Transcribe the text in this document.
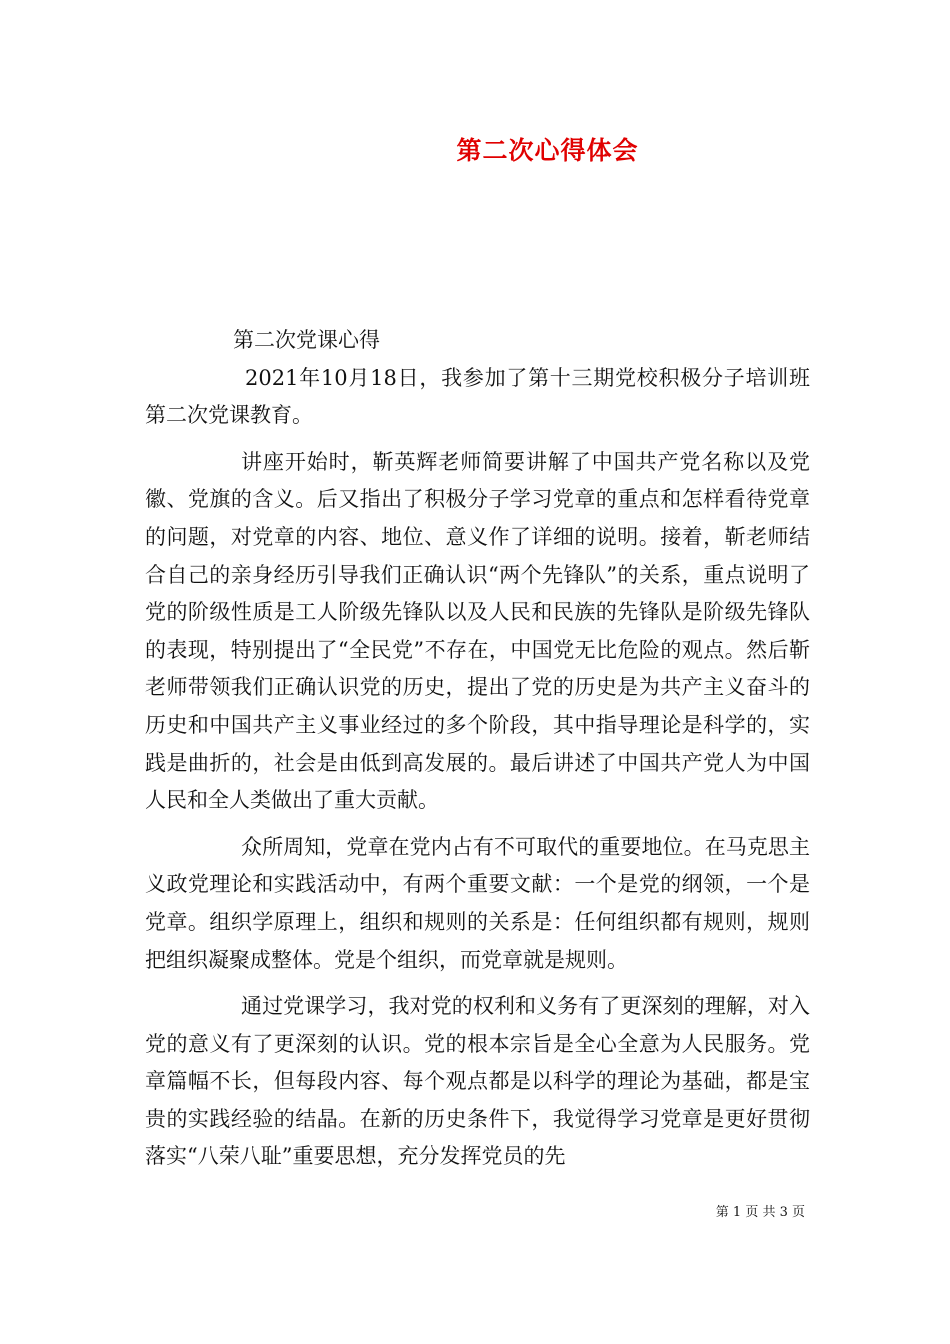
第二次心得体会

第二次党课心得

2021年10月18日，我参加了第十三期党校积极分子培训班第二次党课教育。

讲座开始时，靳英辉老师简要讲解了中国共产党名称以及党徽、党旗的含义。后又指出了积极分子学习党章的重点和怎样看待党章的问题，对党章的内容、地位、意义作了详细的说明。接着，靳老师结合自己的亲身经历引导我们正确认识“两个先锋队”的关系，重点说明了党的阶级性质是工人阶级先锋队以及人民和民族的先锋队是阶级先锋队的表现，特别提出了“全民党”不存在，中国党无比危险的观点。然后靳老师带领我们正确认识党的历史，提出了党的历史是为共产主义奋斗的历史和中国共产主义事业经过的多个阶段，其中指导理论是科学的，实践是曲折的，社会是由低到高发展的。最后讲述了中国共产党人为中国人民和全人类做出了重大贡献。

众所周知，党章在党内占有不可取代的重要地位。在马克思主义政党理论和实践活动中，有两个重要文献：一个是党的纲领，一个是党章。组织学原理上，组织和规则的关系是：任何组织都有规则，规则把组织凝聚成整体。党是个组织，而党章就是规则。

通过党课学习，我对党的权利和义务有了更深刻的理解，对入党的意义有了更深刻的认识。党的根本宗旨是全心全意为人民服务。党章篇幅不长，但每段内容、每个观点都是以科学的理论为基础，都是宝贵的实践经验的结晶。在新的历史条件下，我觉得学习党章是更好贯彻落实“八荣八耻”重要思想，充分发挥党员的先

第 1 页 共 3 页
